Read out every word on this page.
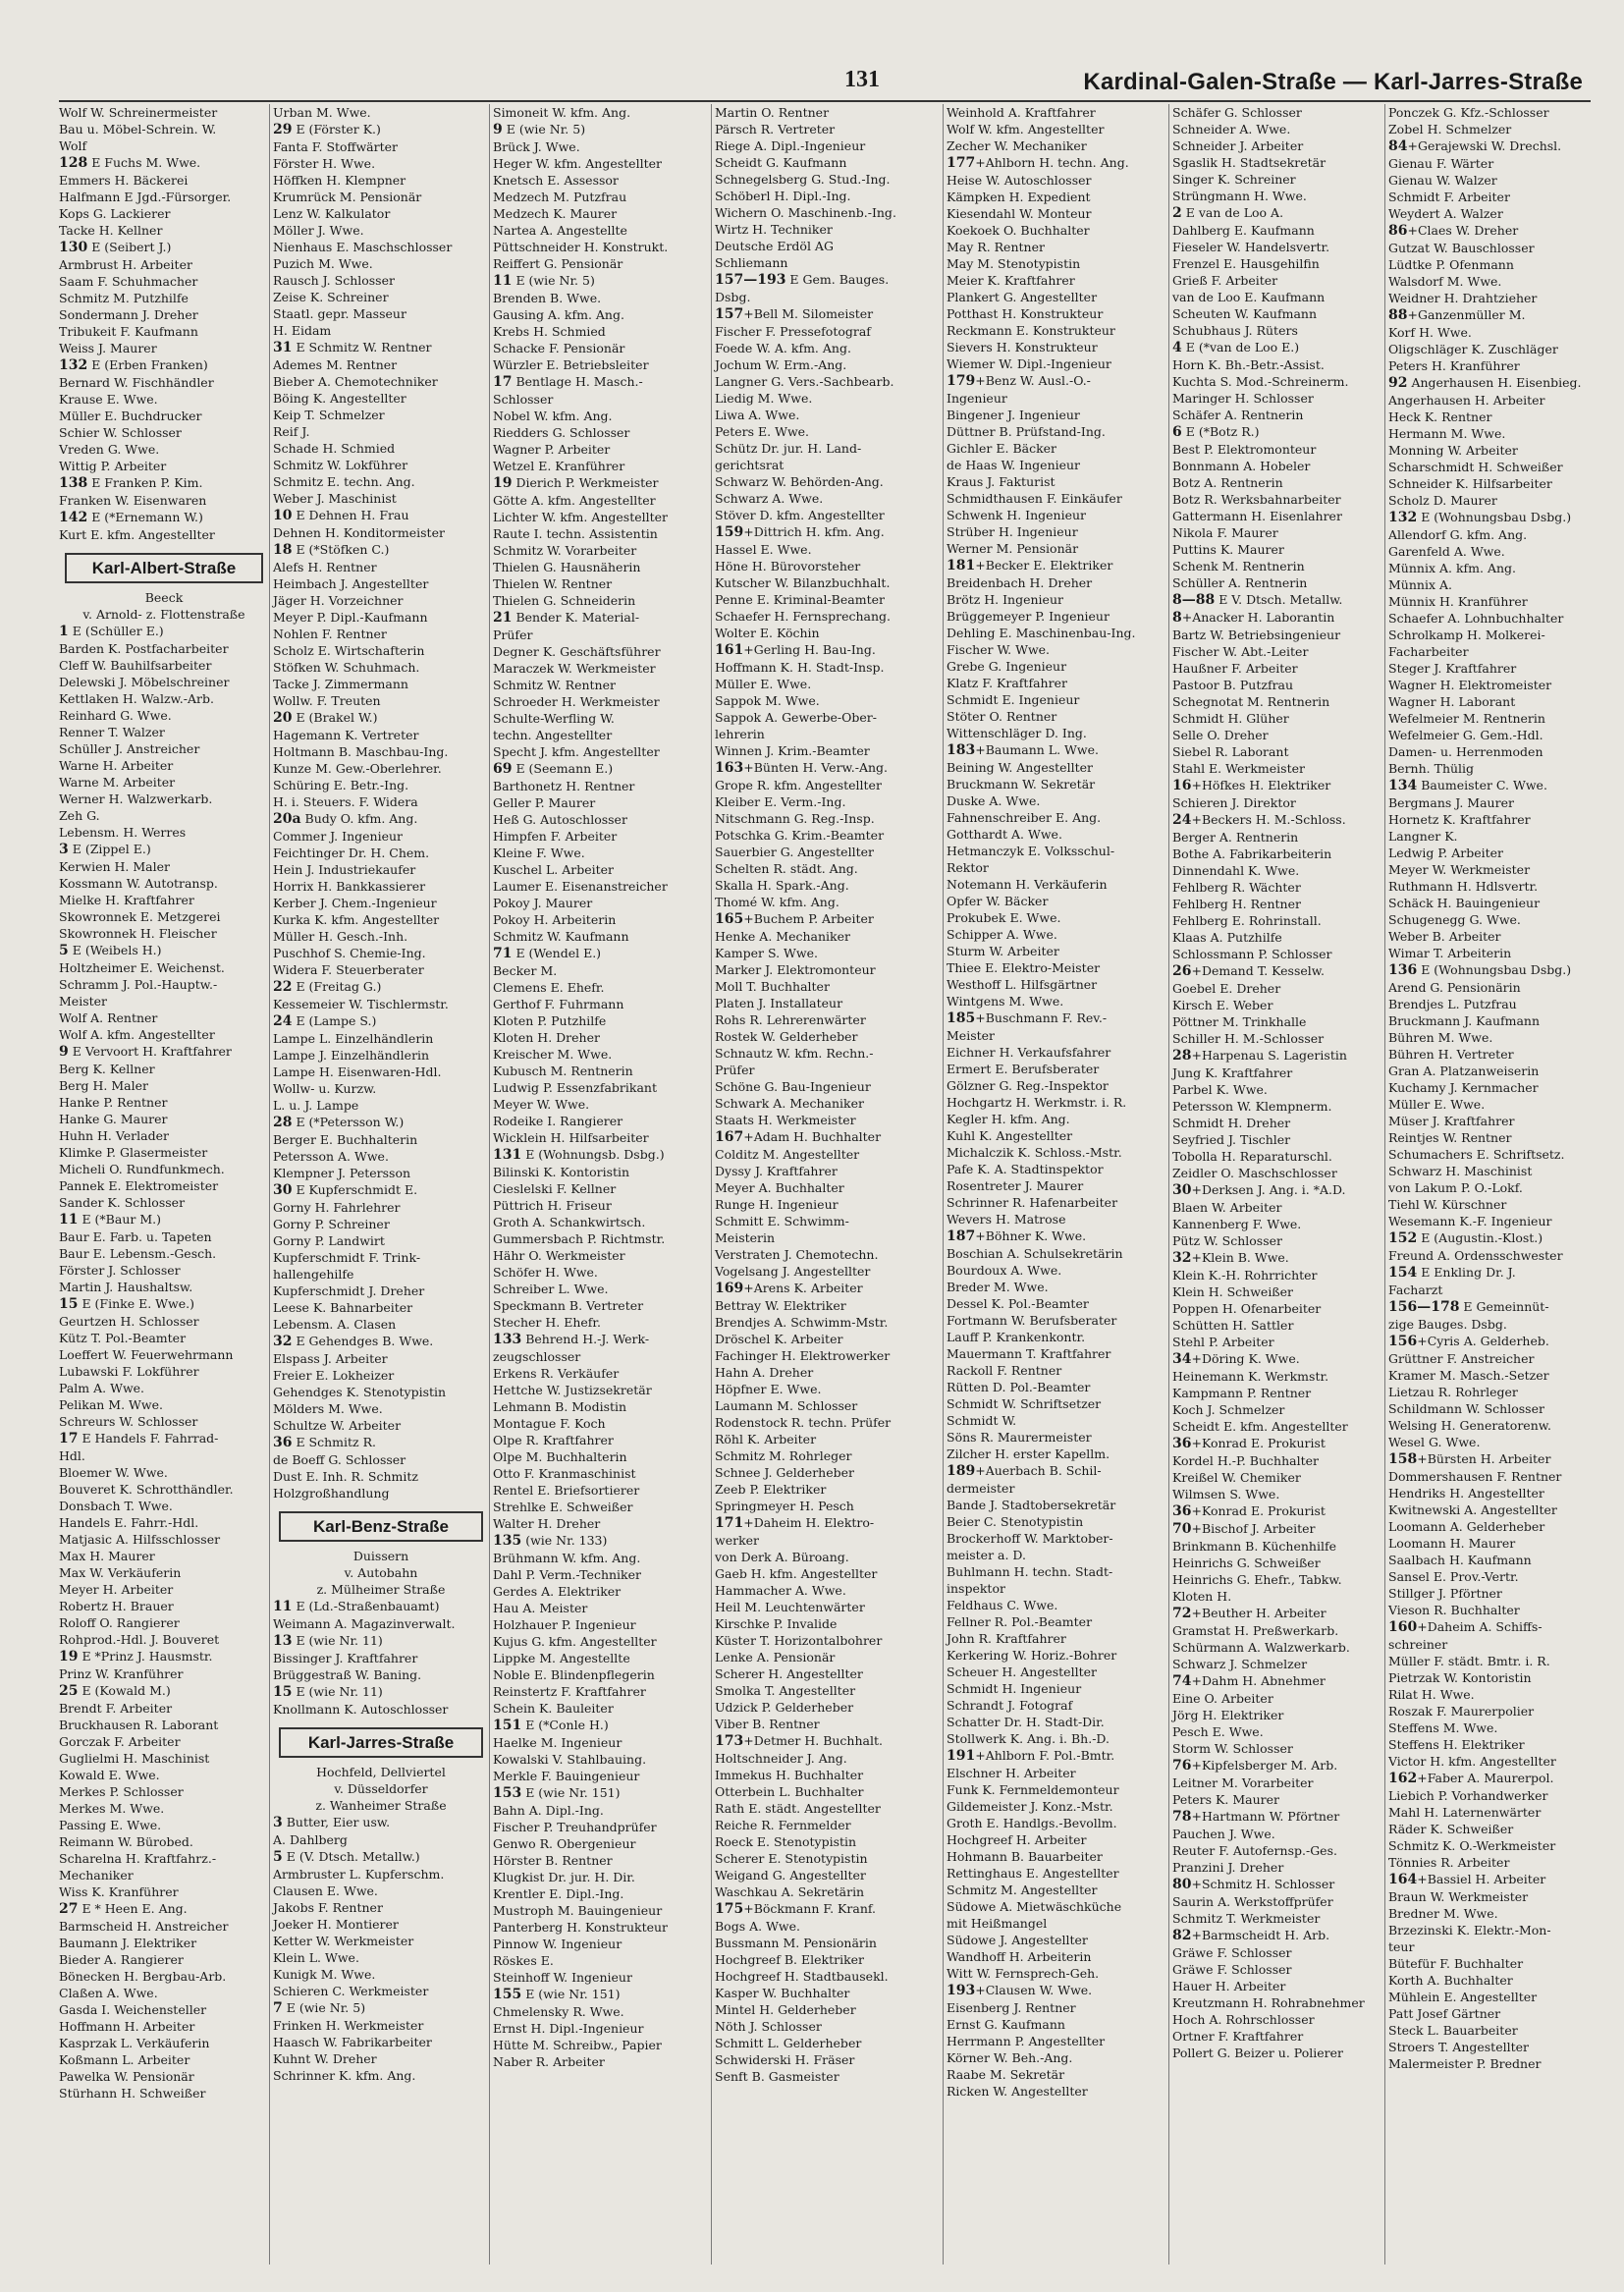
131	Kardinal-Galen-Straße — Karl-Jarres-Straße
Wolf W. Schreinermeister
Bau u. Möbel-Schrein. W.
Wolf
128 E Fuchs M. Wwe.
Emmers H. Bäckerei
Halfmann E Jgd.-Fürsorger.
Kops G. Lackierer
Tacke H. Kellner
130 E (Seibert J.)
Armbrust H. Arbeiter
Saam F. Schuhmacher
Schmitz M. Putzhilfe
Sondermann J. Dreher
Tribukeit F. Kaufmann
Weiss J. Maurer
132 E (Erben Franken)
Bernard W. Fischhändler
Krause E. Wwe.
Müller E. Buchdrucker
Schier W. Schlosser
Vreden G. Wwe.
Wittig P. Arbeiter
138 E Franken P. Kim.
Franken W. Eisenwaren
142 E (*Ernemann W.)
Kurt E. kfm. Angestellter
Karl-Albert-Straße
Beeck
v. Arnold- z. Flottenstraße
1 E (Schüller E.)
Barden K. Postfacharbeiter
Cleff W. Bauhilfsarbeiter
Delewski J. Möbelschreiner
Kettlaken H. Walzw.-Arb.
Reinhard G. Wwe.
Renner T. Walzer
Schüller J. Anstreicher
Warne H. Arbeiter
Warne M. Arbeiter
Werner H. Walzwerkarb.
Zeh G.
Lebensm. H. Werres
3 E (Zippel E.)
Kerwien H. Maler
Kossmann W. Autotransp.
Mielke H. Kraftfahrer
Skowronnek E. Metzgerei
Skowronnek H. Fleischer
5 E (Weibels H.)
Holtzheimer E. Weichenst.
Schramm J. Pol.-Hauptw.-
Meister
Wolf A. Rentner
Wolf A. kfm. Angestellter
9 E Vervoort H. Kraftfahrer
Berg K. Kellner
Berg H. Maler
Hanke P. Rentner
Hanke G. Maurer
Huhn H. Verlader
Klimke P. Glasermeister
Micheli O. Rundfunkmech.
Pannek E. Elektromeister
Sander K. Schlosser
11 E (*Baur M.)
Baur E. Farb. u. Tapeten
Baur E. Lebensm.-Gesch.
Förster J. Schlosser
Martin J. Haushaltsw.
15 E (Finke E. Wwe.)
Geurtzen H. Schlosser
Kütz T. Pol.-Beamter
Loeffert W. Feuerwehrmann
Lubawski F. Lokführer
Palm A. Wwe.
Pelikan M. Wwe.
Schreurs W. Schlosser
17 E Handels F. Fahrrad-
Hdl.
Bloemer W. Wwe.
Bouveret K. Schrotthändler.
Donsbach T. Wwe.
Handels E. Fahrr.-Hdl.
Matjasic A. Hilfsschlosser
Max H. Maurer
Max W. Verkäuferin
Meyer H. Arbeiter
Robertz H. Brauer
Roloff O. Rangierer
Rohprod.-Hdl. J. Bouveret
19 E *Prinz J. Hausmstr.
Prinz W. Kranführer
25 E (Kowald M.)
Brendt F. Arbeiter
Bruckhausen R. Laborant
Gorczak F. Arbeiter
Guglielmi H. Maschinist
Kowald E. Wwe.
Merkes P. Schlosser
Merkes M. Wwe.
Passing E. Wwe.
Reimann W. Bürobed.
Scharelna H. Kraftfahrz.-
Mechaniker
Wiss K. Kranführer
27 E * Heen E. Ang.
Barmscheid H. Anstreicher
Baumann J. Elektriker
Bieder A. Rangierer
Bönecken H. Bergbau-Arb.
Claßen A. Wwe.
Gasda I. Weichensteller
Hoffmann H. Arbeiter
Kasprzak L. Verkäuferin
Koßmann L. Arbeiter
Pawelka W. Pensionär
Stürhann H. Schweißer
Urban M. Wwe.
29 E (Förster K.)
Fanta F. Stoffwärter
Förster H. Wwe.
Höffken H. Klempner
Krumrück M. Pensionär
Lenz W. Kalkulator
Möller J. Wwe.
Nienhaus E. Maschschlosser
Puzich M. Wwe.
Rausch J. Schlosser
Zeise K. Schreiner
Staatl. gepr. Masseur
H. Eidam
31 E Schmitz W. Rentner
Ademes M. Rentner
Bieber A. Chemotechniker
Böing K. Angestellter
Keip T. Schmelzer
Reif J.
Schade H. Schmied
Schmitz W. Lokführer
Schmitz E. techn. Ang.
Weber J. Maschinist
10 E Dehnen H. Frau
Dehnen H. Konditormeister
18 E (*Stöfken C.)
Alefs H. Rentner
Heimbach J. Angestellter
Jäger H. Vorzeichner
Meyer P. Dipl.-Kaufmann
Nohlen F. Rentner
Scholz E. Wirtschafterin
Stöfken W. Schuhmach.
Tacke J. Zimmermann
Wollw. F. Treuten
20 E (Brakel W.)
Hagemann K. Vertreter
Holtmann B. Maschbau-Ing.
Kunze M. Gew.-Oberlehrer.
Schüring E. Betr.-Ing.
H. i. Steuers. F. Widera
20a Budy O. kfm. Ang.
Commer J. Ingenieur
Feichtinger Dr. H. Chem.
Hein J. Industriekaufer
Horrix H. Bankkassierer
Kerber J. Chem.-Ingenieur
Kurka K. kfm. Angestellter
Müller H. Gesch.-Inh.
Puschhof S. Chemie-Ing.
Widera F. Steuerberater
22 E (Freitag G.)
Kessemeier W. Tischlermstr.
24 E (Lampe S.)
Lampe L. Einzelhändlerin
Lampe J. Einzelhändlerin
Lampe H. Eisenwaren-Hdl.
Wollw- u. Kurzw.
L. u. J. Lampe
28 E (*Petersson W.)
Berger E. Buchhalterin
Petersson A. Wwe.
Klempner J. Petersson
30 E Kupferschmidt E.
Gorny H. Fahrlehrer
Gorny P. Schreiner
Gorny P. Landwirt
Kupferschmidt F. Trink-
hallengehilfe
Kupferschmidt J. Dreher
Leese K. Bahnarbeiter
Lebensm. A. Clasen
32 E Gehendges B. Wwe.
Elspass J. Arbeiter
Freier E. Lokheizer
Gehendges K. Stenotypistin
Mölders M. Wwe.
Schultze W. Arbeiter
36 E Schmitz R.
de Boeff G. Schlosser
Dust E. Inh. R. Schmitz
Holzgroßhandlung
Karl-Benz-Straße
Duissern
v. Autobahn
z. Mülheimer Straße
11 E (Ld.-Straßenbauamt)
Weimann A. Magazinverwalt.
13 E (wie Nr. 11)
Bissinger J. Kraftfahrer
Brüggestraß W. Baning.
15 E (wie Nr. 11)
Knollmann K. Autoschlosser
Karl-Jarres-Straße
Hochfeld, Dellviertel
v. Düsseldorfer
z. Wanheimer Straße
3 Butter, Eier usw.
A. Dahlberg
5 E (V. Dtsch. Metallw.)
Armbruster L. Kupferschm.
Clausen E. Wwe.
Jakobs F. Rentner
Joeker H. Montierer
Ketter W. Werkmeister
Klein L. Wwe.
Kunigk M. Wwe.
Schieren C. Werkmeister
7 E (wie Nr. 5)
Frinken H. Werkmeister
Haasch W. Fabrikarbeiter
Kuhnt W. Dreher
Schrinner K. kfm. Ang.
Simoneit W. kfm. Ang.
9 E (wie Nr. 5)
Brück J. Wwe.
Heger W. kfm. Angestellter
Knetsch E. Assessor
Medzech M. Putzfrau
Medzech K. Maurer
Nartea A. Angestellte
Püttschneider H. Konstrukt.
Reiffert G. Pensionär
11 E (wie Nr. 5)
Brenden B. Wwe.
Gausing A. kfm. Ang.
Krebs H. Schmied
Schacke F. Pensionär
Würzler E. Betriebsleiter
17 Bentlage H. Masch.-
Schlosser
Nobel W. kfm. Ang.
Riedders G. Schlosser
Wagner P. Arbeiter
Wetzel E. Kranführer
19 Dierich P. Werkmeister
Götte A. kfm. Angestellter
Lichter W. kfm. Angestellter
Raute I. techn. Assistentin
Schmitz W. Vorarbeiter
Thielen G. Hausnäherin
Thielen W. Rentner
Thielen G. Schneiderin
21 Bender K. Material-
Prüfer
Degner K. Geschäftsführer
Maraczek W. Werkmeister
Schmitz W. Rentner
Schroeder H. Werkmeister
Schulte-Werfling W.
techn. Angestellter
Specht J. kfm. Angestellter
69 E (Seemann E.)
Barthonetz H. Rentner
Geller P. Maurer
Heß G. Autoschlosser
Himpfen F. Arbeiter
Kleine F. Wwe.
Kuschel L. Arbeiter
Laumer E. Eisenanstreicher
Pokoy J. Maurer
Pokoy H. Arbeiterin
Schmitz W. Kaufmann
71 E (Wendel E.)
Becker M.
Clemens E. Ehefr.
Gerthof F. Fuhrmann
Kloten P. Putzhilfe
Kloten H. Dreher
Kreischer M. Wwe.
Kubusch M. Rentnerin
Ludwig P. Essenzfabrikant
Meyer W. Wwe.
Rodeike I. Rangierer
Wicklein H. Hilfsarbeiter
131 E (Wohnungsb. Dsbg.)
Bilinski K. Kontoristin
Cieslelski F. Kellner
Püttrich H. Friseur
Groth A. Schankwirtsch.
Gummersbach P. Richtmstr.
Hähr O. Werkmeister
Schöfer H. Wwe.
Schreiber L. Wwe.
Speckmann B. Vertreter
Stecher H. Ehefr.
133 Behrend H.-J. Werk-
zeugschlosser
Erkens R. Verkäufer
Hettche W. Justizsekretär
Lehmann B. Modistin
Montague F. Koch
Olpe R. Kraftfahrer
Olpe M. Buchhalterin
Otto F. Kranmaschinist
Rentel E. Briefsortierer
Strehlke E. Schweißer
Walter H. Dreher
135 (wie Nr. 133)
Brühmann W. kfm. Ang.
Dahl P. Verm.-Techniker
Gerdes A. Elektriker
Hau A. Meister
Holzhauer P. Ingenieur
Kujus G. kfm. Angestellter
Lippke M. Angestellte
Noble E. Blindenpflegerin
Reinstertz F. Kraftfahrer
Schein K. Bauleiter
151 E (*Conle H.)
Haelke M. Ingenieur
Kowalski V. Stahlbauing.
Merkle F. Bauingenieur
153 E (wie Nr. 151)
Bahn A. Dipl.-Ing.
Fischer P. Treuhandprüfer
Genwo R. Obergenieur
Hörster B. Rentner
Klugkist Dr. jur. H. Dir.
Krentler E. Dipl.-Ing.
Mustroph M. Bauingenieur
Panterberg H. Konstrukteur
Pinnow W. Ingenieur
Röskes E.
Steinhoff W. Ingenieur
155 E (wie Nr. 151)
Chmelensky R. Wwe.
Ernst H. Dipl.-Ingenieur
Hütte M. Schreibw., Papier
Naber R. Arbeiter
Martin O. Rentner
Pärsch R. Vertreter
Riege A. Dipl.-Ingenieur
Scheidt G. Kaufmann
Schnegelsberg G. Stud.-Ing.
Schöberl H. Dipl.-Ing.
Wichern O. Maschinenb.-Ing.
Wirtz H. Techniker
Deutsche Erdöl AG
Schliemann
157—193 E Gem. Bauges.
Dsbg.
157+Bell M. Silomeister
Fischer F. Pressefotograf
Foede W. A. kfm. Ang.
Jochum W. Erm.-Ang.
Langner G. Vers.-Sachbearb.
Liedig M. Wwe.
Liwa A. Wwe.
Peters E. Wwe.
Schütz Dr. jur. H. Land-
gerichtsrat
Schwarz W. Behörden-Ang.
Schwarz A. Wwe.
Stöver D. kfm. Angestellter
159+Dittrich H. kfm. Ang.
Hassel E. Wwe.
Höne H. Bürovorsteher
Kutscher W. Bilanzbuchhalt.
Penne E. Kriminal-Beamter
Schaefer H. Fernsprechang.
Wolter E. Köchin
161+Gerling H. Bau-Ing.
Hoffmann K. H. Stadt-Insp.
Müller E. Wwe.
Sappok M. Wwe.
Sappok A. Gewerbe-Ober-
lehrerin
Winnen J. Krim.-Beamter
163+Bünten H. Verw.-Ang.
Grope R. kfm. Angestellter
Kleiber E. Verm.-Ing.
Nitschmann G. Reg.-Insp.
Potschka G. Krim.-Beamter
Sauerbier G. Angestellter
Schelten R. städt. Ang.
Skalla H. Spark.-Ang.
Thomé W. kfm. Ang.
165+Buchem P. Arbeiter
Henke A. Mechaniker
Kamper S. Wwe.
Marker J. Elektromonteur
Moll T. Buchhalter
Platen J. Installateur
Rohs R. Lehrerenwärter
Rostek W. Gelderheber
Schnautz W. kfm. Rechn.-
Prüfer
Schöne G. Bau-Ingenieur
Schwark A. Mechaniker
Staats H. Werkmeister
167+Adam H. Buchhalter
Colditz M. Angestellter
Dyssy J. Kraftfahrer
Meyer A. Buchhalter
Runge H. Ingenieur
Schmitt E. Schwimm-
Meisterin
Verstraten J. Chemotechn.
Vogelsang J. Angestellter
169+Arens K. Arbeiter
Bettray W. Elektriker
Brendjes A. Schwimm-Mstr.
Dröschel K. Arbeiter
Fachinger H. Elektrowerker
Hahn A. Dreher
Höpfner E. Wwe.
Laumann M. Schlosser
Rodenstock R. techn. Prüfer
Röhl K. Arbeiter
Schmitz M. Rohrleger
Schnee J. Gelderheber
Zeeb P. Elektriker
Springmeyer H. Pesch
171+Daheim H. Elektro-
werker
von Derk A. Büroang.
Gaeb H. kfm. Angestellter
Hammacher A. Wwe.
Heil M. Leuchtenwärter
Kirschke P. Invalide
Küster T. Horizontalbohrer
Lenke A. Pensionär
Scherer H. Angestellter
Smolka T. Angestellter
Udzick P. Gelderheber
Viber B. Rentner
173+Detmer H. Buchhalt.
Holtschneider J. Ang.
Immekus H. Buchhalter
Otterbein L. Buchhalter
Rath E. städt. Angestellter
Reiche R. Fernmelder
Roeck E. Stenotypistin
Scherer E. Stenotypistin
Weigand G. Angestellter
Waschkau A. Sekretärin
175+Böckmann F. Kranf.
Bogs A. Wwe.
Bussmann M. Pensionärin
Hochgreef B. Elektriker
Hochgreef H. Stadtbausekl.
Kasper W. Buchhalter
Mintel H. Gelderheber
Nöth J. Schlosser
Schmitt L. Gelderheber
Schwiderski H. Fräser
Senft B. Gasmeister
Weinhold A. Kraftfahrer
Wolf W. kfm. Angestellter
Zecher W. Mechaniker
177+Ahlborn H. techn. Ang.
Heise W. Autoschlosser
Kämpken H. Expedient
Kiesendahl W. Monteur
Koekoek O. Buchhalter
May R. Rentner
May M. Stenotypistin
Meier K. Kraftfahrer
Plankert G. Angestellter
Potthast H. Konstrukteur
Reckmann E. Konstrukteur
Sievers H. Konstrukteur
Wiemer W. Dipl.-Ingenieur
179+Benz W. Ausl.-O.-
Ingenieur
Bingener J. Ingenieur
Düttner B. Prüfstand-Ing.
Gichler E. Bäcker
de Haas W. Ingenieur
Kraus J. Fakturist
Schmidthausen F. Einkäufer
Schwenk H. Ingenieur
Strüber H. Ingenieur
Werner M. Pensionär
181+Becker E. Elektriker
Breidenbach H. Dreher
Brötz H. Ingenieur
Brüggemeyer P. Ingenieur
Dehling E. Maschinenbau-Ing.
Fischer W. Wwe.
Grebe G. Ingenieur
Klatz F. Kraftfahrer
Schmidt E. Ingenieur
Stöter O. Rentner
Wittenschläger D. Ing.
183+Baumann L. Wwe.
Beining W. Angestellter
Bruckmann W. Sekretär
Duske A. Wwe.
Fahnenschreiber E. Ang.
Gotthardt A. Wwe.
Hetmanczyk E. Volksschul-
Rektor
Notemann H. Verkäuferin
Opfer W. Bäcker
Prokubek E. Wwe.
Schipper A. Wwe.
Sturm W. Arbeiter
Thiee E. Elektro-Meister
Westhoff L. Hilfsgärtner
Wintgens M. Wwe.
185+Buschmann F. Rev.-
Meister
Eichner H. Verkaufsfahrer
Ermert E. Berufsberater
Gölzner G. Reg.-Inspektor
Hochgartz H. Werkmstr. i. R.
Kegler H. kfm. Ang.
Kuhl K. Angestellter
Michalczik K. Schloss.-Mstr.
Pafe K. A. Stadtinspektor
Rosentreter J. Maurer
Schrinner R. Hafenarbeiter
Wevers H. Matrose
187+Böhner K. Wwe.
Boschian A. Schulsekretärin
Bourdoux A. Wwe.
Breder M. Wwe.
Dessel K. Pol.-Beamter
Fortmann W. Berufsberater
Lauff P. Krankenkontr.
Mauermann T. Kraftfahrer
Rackoll F. Rentner
Rütten D. Pol.-Beamter
Schmidt W. Schriftsetzer
Schmidt W.
Söns R. Maurermeister
Zilcher H. erster Kapellm.
189+Auerbach B. Schil-
dermeister
Bande J. Stadtobersekretär
Beier C. Stenotypistin
Brockerhoff W. Marktober-
meister a. D.
Buhlmann H. techn. Stadt-
inspektor
Feldhaus C. Wwe.
Fellner R. Pol.-Beamter
John R. Kraftfahrer
Kerkering W. Horiz.-Bohrer
Scheuer H. Angestellter
Schmidt H. Ingenieur
Schrandt J. Fotograf
Schatter Dr. H. Stadt-Dir.
Stollwerk K. Ang. i. Bh.-D.
191+Ahlborn F. Pol.-Bmtr.
Elschner H. Arbeiter
Funk K. Fernmeldemonteur
Gildemeister J. Konz.-Mstr.
Groth E. Handlgs.-Bevollm.
Hochgreef H. Arbeiter
Hohmann B. Bauarbeiter
Rettinghaus E. Angestellter
Schmitz M. Angestellter
Südowe A. Mietwäschküche
mit Heißmangel
Südowe J. Angestellter
Wandhoff H. Arbeiterin
Witt W. Fernsprech-Geh.
193+Clausen W. Wwe.
Eisenberg J. Rentner
Ernst G. Kaufmann
Herrmann P. Angestellter
Körner W. Beh.-Ang.
Raabe M. Sekretär
Ricken W. Angestellter
Schäfer G. Schlosser
Schneider A. Wwe.
Schneider J. Arbeiter
Sgaslik H. Stadtsekretär
Singer K. Schreiner
Strüngmann H. Wwe.
2 E van de Loo A.
Dahlberg E. Kaufmann
Fieseler W. Handelsvertr.
Frenzel E. Hausgehilfin
Grieß F. Arbeiter
van de Loo E. Kaufmann
Scheuten W. Kaufmann
Schubhaus J. Rüters
4 E (*van de Loo E.)
Horn K. Bh.-Betr.-Assist.
Kuchta S. Mod.-Schreinerm.
Maringer H. Schlosser
Schäfer A. Rentnerin
6 E (*Botz R.)
Best P. Elektromonteur
Bonnmann A. Hobeler
Botz A. Rentnerin
Botz R. Werksbahnarbeiter
Gattermann H. Eisenlahrer
Nikola F. Maurer
Puttins K. Maurer
Schenk M. Rentnerin
Schüller A. Rentnerin
8—88 E V. Dtsch. Metallw.
8+Anacker H. Laborantin
Bartz W. Betriebsingenieur
Fischer W. Abt.-Leiter
Haußner F. Arbeiter
Pastoor B. Putzfrau
Schegnotat M. Rentnerin
Schmidt H. Glüher
Selle O. Dreher
Siebel R. Laborant
Stahl E. Werkmeister
16+Höfkes H. Elektriker
Schieren J. Direktor
24+Beckers H. M.-Schloss.
Berger A. Rentnerin
Bothe A. Fabrikarbeiterin
Dinnendahl K. Wwe.
Fehlberg R. Wächter
Fehlberg H. Rentner
Fehlberg E. Rohrinstall.
Klaas A. Putzhilfe
Schlossmann P. Schlosser
26+Demand T. Kesselw.
Goebel E. Dreher
Kirsch E. Weber
Pöttner M. Trinkhalle
Schiller H. M.-Schlosser
28+Harpenau S. Lageristin
Jung K. Kraftfahrer
Parbel K. Wwe.
Petersson W. Klempnerm.
Schmidt H. Dreher
Seyfried J. Tischler
Tobolla H. Reparaturschl.
Zeidler O. Maschschlosser
30+Derksen J. Ang. i. *A.D.
Blaen W. Arbeiter
Kannenberg F. Wwe.
Pütz W. Schlosser
32+Klein B. Wwe.
Klein K.-H. Rohrrichter
Klein H. Schweißer
Poppen H. Ofenarbeiter
Schütten H. Sattler
Stehl P. Arbeiter
34+Döring K. Wwe.
Heinemann K. Werkmstr.
Kampmann P. Rentner
Koch J. Schmelzer
Scheidt E. kfm. Angestellter
36+Konrad E. Prokurist
Kordel H.-P. Buchhalter
Kreißel W. Chemiker
Wilmsen S. Wwe.
36+Konrad E. Prokurist
70+Bischof J. Arbeiter
Brinkmann B. Küchenhilfe
Heinrichs G. Schweißer
Heinrichs G. Ehefr., Tabkw.
Kloten H.
72+Beuther H. Arbeiter
Gramstat H. Preßwerkarb.
Schürmann A. Walzwerkarb.
Schwarz J. Schmelzer
74+Dahm H. Abnehmer
Eine O. Arbeiter
Jörg H. Elektriker
Pesch E. Wwe.
Storm W. Schlosser
76+Kipfelsberger M. Arb.
Leitner M. Vorarbeiter
Peters K. Maurer
78+Hartmann W. Pförtner
Pauchen J. Wwe.
Reuter F. Autofernsp.-Ges.
Pranzini J. Dreher
80+Schmitz H. Schlosser
Saurin A. Werkstoffprüfer
Schmitz T. Werkmeister
82+Barmscheidt H. Arb.
Gräwe F. Schlosser
Gräwe F. Schlosser
Hauer H. Arbeiter
Kreutzmann H. Rohrabnehmer
Hoch A. Rohrschlosser
Ortner F. Kraftfahrer
Pollert G. Beizer u. Polierer
Ponczek G. Kfz.-Schlosser
Zobel H. Schmelzer
84+Gerajewski W. Drechsl.
Gienau F. Wärter
Gienau W. Walzer
Schmidt F. Arbeiter
Weydert A. Walzer
86+Claes W. Dreher
Gutzat W. Bauschlosser
Lüdtke P. Ofenmann
Walsdorf M. Wwe.
Weidner H. Drahtzieher
88+Ganzenmüller M.
Korf H. Wwe.
Oligschläger K. Zuschläger
Peters H. Kranführer
92 Angerhausen H. Eisenbieg.
Angerhausen H. Arbeiter
Heck K. Rentner
Hermann M. Wwe.
Monning W. Arbeiter
Scharschmidt H. Schweißer
Schneider K. Hilfsarbeiter
Scholz D. Maurer
132 E (Wohnungsbau Dsbg.)
Allendorf G. kfm. Ang.
Garenfeld A. Wwe.
Münnix A. kfm. Ang.
Münnix A.
Münnix H. Kranführer
Schaefer A. Lohnbuchhalter
Schrolkamp H. Molkerei-
Facharbeiter
Steger J. Kraftfahrer
Wagner H. Elektromeister
Wagner H. Laborant
Wefelmeier M. Rentnerin
Wefelmeier G. Gem.-Hdl.
Damen- u. Herrenmoden
Bernh. Thülig
134 Baumeister C. Wwe.
Bergmans J. Maurer
Hornetz K. Kraftfahrer
Langner K.
Ledwig P. Arbeiter
Meyer W. Werkmeister
Ruthmann H. Hdlsvertr.
Schäck H. Bauingenieur
Schugenegg G. Wwe.
Weber B. Arbeiter
Wimar T. Arbeiterin
136 E (Wohnungsbau Dsbg.)
Arend G. Pensionärin
Brendjes L. Putzfrau
Bruckmann J. Kaufmann
Bühren M. Wwe.
Bühren H. Vertreter
Gran A. Platzanweiserin
Kuchamy J. Kernmacher
Müller E. Wwe.
Müser J. Kraftfahrer
Reintjes W. Rentner
Schumachers E. Schriftsetz.
Schwarz H. Maschinist
von Lakum P. O.-Lokf.
Tiehl W. Kürschner
Wesemann K.-F. Ingenieur
152 E (Augustin.-Klost.)
Freund A. Ordensschwester
154 E Enkling Dr. J.
Facharzt
156—178 E Gemeinnüt-
zige Bauges. Dsbg.
156+Cyris A. Gelderheb.
Grüttner F. Anstreicher
Kramer M. Masch.-Setzer
Lietzau R. Rohrleger
Schildmann W. Schlosser
Welsing H. Generatorenw.
Wesel G. Wwe.
158+Bürsten H. Arbeiter
Dommershausen F. Rentner
Hendriks H. Angestellter
Kwitnewski A. Angestellter
Loomann A. Gelderheber
Loomann H. Maurer
Saalbach H. Kaufmann
Sansel E. Prov.-Vertr.
Stillger J. Pförtner
Vieson R. Buchhalter
160+Daheim A. Schiffs-
schreiner
Müller F. städt. Bmtr. i. R.
Pietrzak W. Kontoristin
Rilat H. Wwe.
Roszak F. Maurerpolier
Steffens M. Wwe.
Steffens H. Elektriker
Victor H. kfm. Angestellter
162+Faber A. Maurerpol.
Liebich P. Vorhandwerker
Mahl H. Laternenwärter
Räder K. Schweißer
Schmitz K. O.-Werkmeister
Tönnies R. Arbeiter
164+Bassiel H. Arbeiter
Braun W. Werkmeister
Bredner M. Wwe.
Brzezinski K. Elektr.-Mon-
teur
Bütefür F. Buchhalter
Korth A. Buchhalter
Mühlein E. Angestellter
Patt Josef Gärtner
Steck L. Bauarbeiter
Stroers T. Angestellter
Malermeister P. Bredner
